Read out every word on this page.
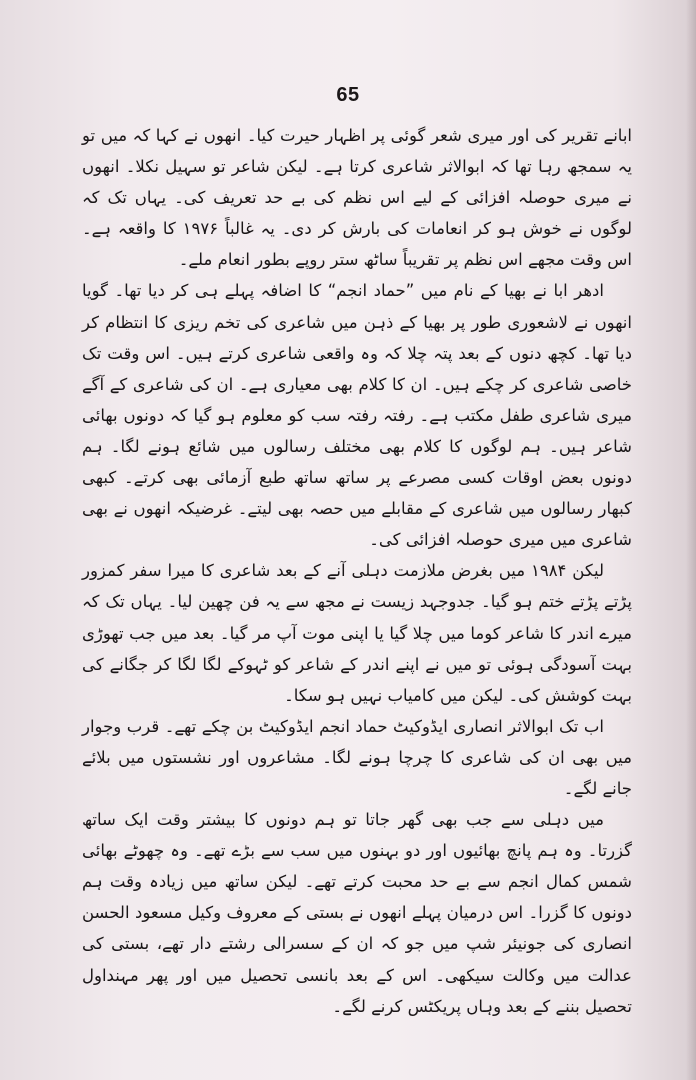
65

ابانے تقریر کی اور میری شعر گوئی پر اظہار حیرت کیا۔ انھوں نے کہا کہ میں تو یہ سمجھ رہا تھا کہ ابوالاثر شاعری کرتا ہے۔ لیکن شاعر تو سہیل نکلا۔ انھوں نے میری حوصلہ افزائی کے لیے اس نظم کی بے حد تعریف کی۔ یہاں تک کہ لوگوں نے خوش ہو کر انعامات کی بارش کر دی۔ یہ غالباً ۱۹۷۶ کا واقعہ ہے۔ اس وقت مجھے اس نظم پر تقریباً ساٹھ ستر روپے بطور انعام ملے۔

ادھر ابا نے بھیا کے نام میں ”حماد انجم“ کا اضافہ پہلے ہی کر دیا تھا۔ گویا انھوں نے لاشعوری طور پر بھیا کے ذہن میں شاعری کی تخم ریزی کا انتظام کر دیا تھا۔ کچھ دنوں کے بعد پتہ چلا کہ وہ واقعی شاعری کرتے ہیں۔ اس وقت تک خاصی شاعری کر چکے ہیں۔ ان کا کلام بھی معیاری ہے۔ ان کی شاعری کے آگے میری شاعری طفل مکتب ہے۔ رفتہ رفتہ سب کو معلوم ہو گیا کہ دونوں بھائی شاعر ہیں۔ ہم لوگوں کا کلام بھی مختلف رسالوں میں شائع ہونے لگا۔ ہم دونوں بعض اوقات کسی مصرعے پر ساتھ ساتھ طبع آزمائی بھی کرتے۔ کبھی کبھار رسالوں میں شاعری کے مقابلے میں حصہ بھی لیتے۔ غرضیکہ انھوں نے بھی شاعری میں میری حوصلہ افزائی کی۔

لیکن ۱۹۸۴ میں بغرض ملازمت دہلی آنے کے بعد شاعری کا میرا سفر کمزور پڑتے پڑتے ختم ہو گیا۔ جدوجہد زیست نے مجھ سے یہ فن چھین لیا۔ یہاں تک کہ میرے اندر کا شاعر کوما میں چلا گیا یا اپنی موت آپ مر گیا۔ بعد میں جب تھوڑی بہت آسودگی ہوئی تو میں نے اپنے اندر کے شاعر کو ٹہوکے لگا لگا کر جگانے کی بہت کوشش کی۔ لیکن میں کامیاب نہیں ہو سکا۔

اب تک ابوالاثر انصاری ایڈوکیٹ حماد انجم ایڈوکیٹ بن چکے تھے۔ قرب وجوار میں بھی ان کی شاعری کا چرچا ہونے لگا۔ مشاعروں اور نشستوں میں بلائے جانے لگے۔

میں دہلی سے جب بھی گھر جاتا تو ہم دونوں کا بیشتر وقت ایک ساتھ گزرتا۔ وہ ہم پانچ بھائیوں اور دو بہنوں میں سب سے بڑے تھے۔ وہ چھوٹے بھائی شمس کمال انجم سے بے حد محبت کرتے تھے۔ لیکن ساتھ میں زیادہ وقت ہم دونوں کا گزرا۔ اس درمیان پہلے انھوں نے بستی کے معروف وکیل مسعود الحسن انصاری کی جونیئر شپ میں جو کہ ان کے سسرالی رشتے دار تھے، بستی کی عدالت میں وکالت سیکھی۔ اس کے بعد بانسی تحصیل میں اور پھر مہنداول تحصیل بننے کے بعد وہاں پریکٹس کرنے لگے۔
